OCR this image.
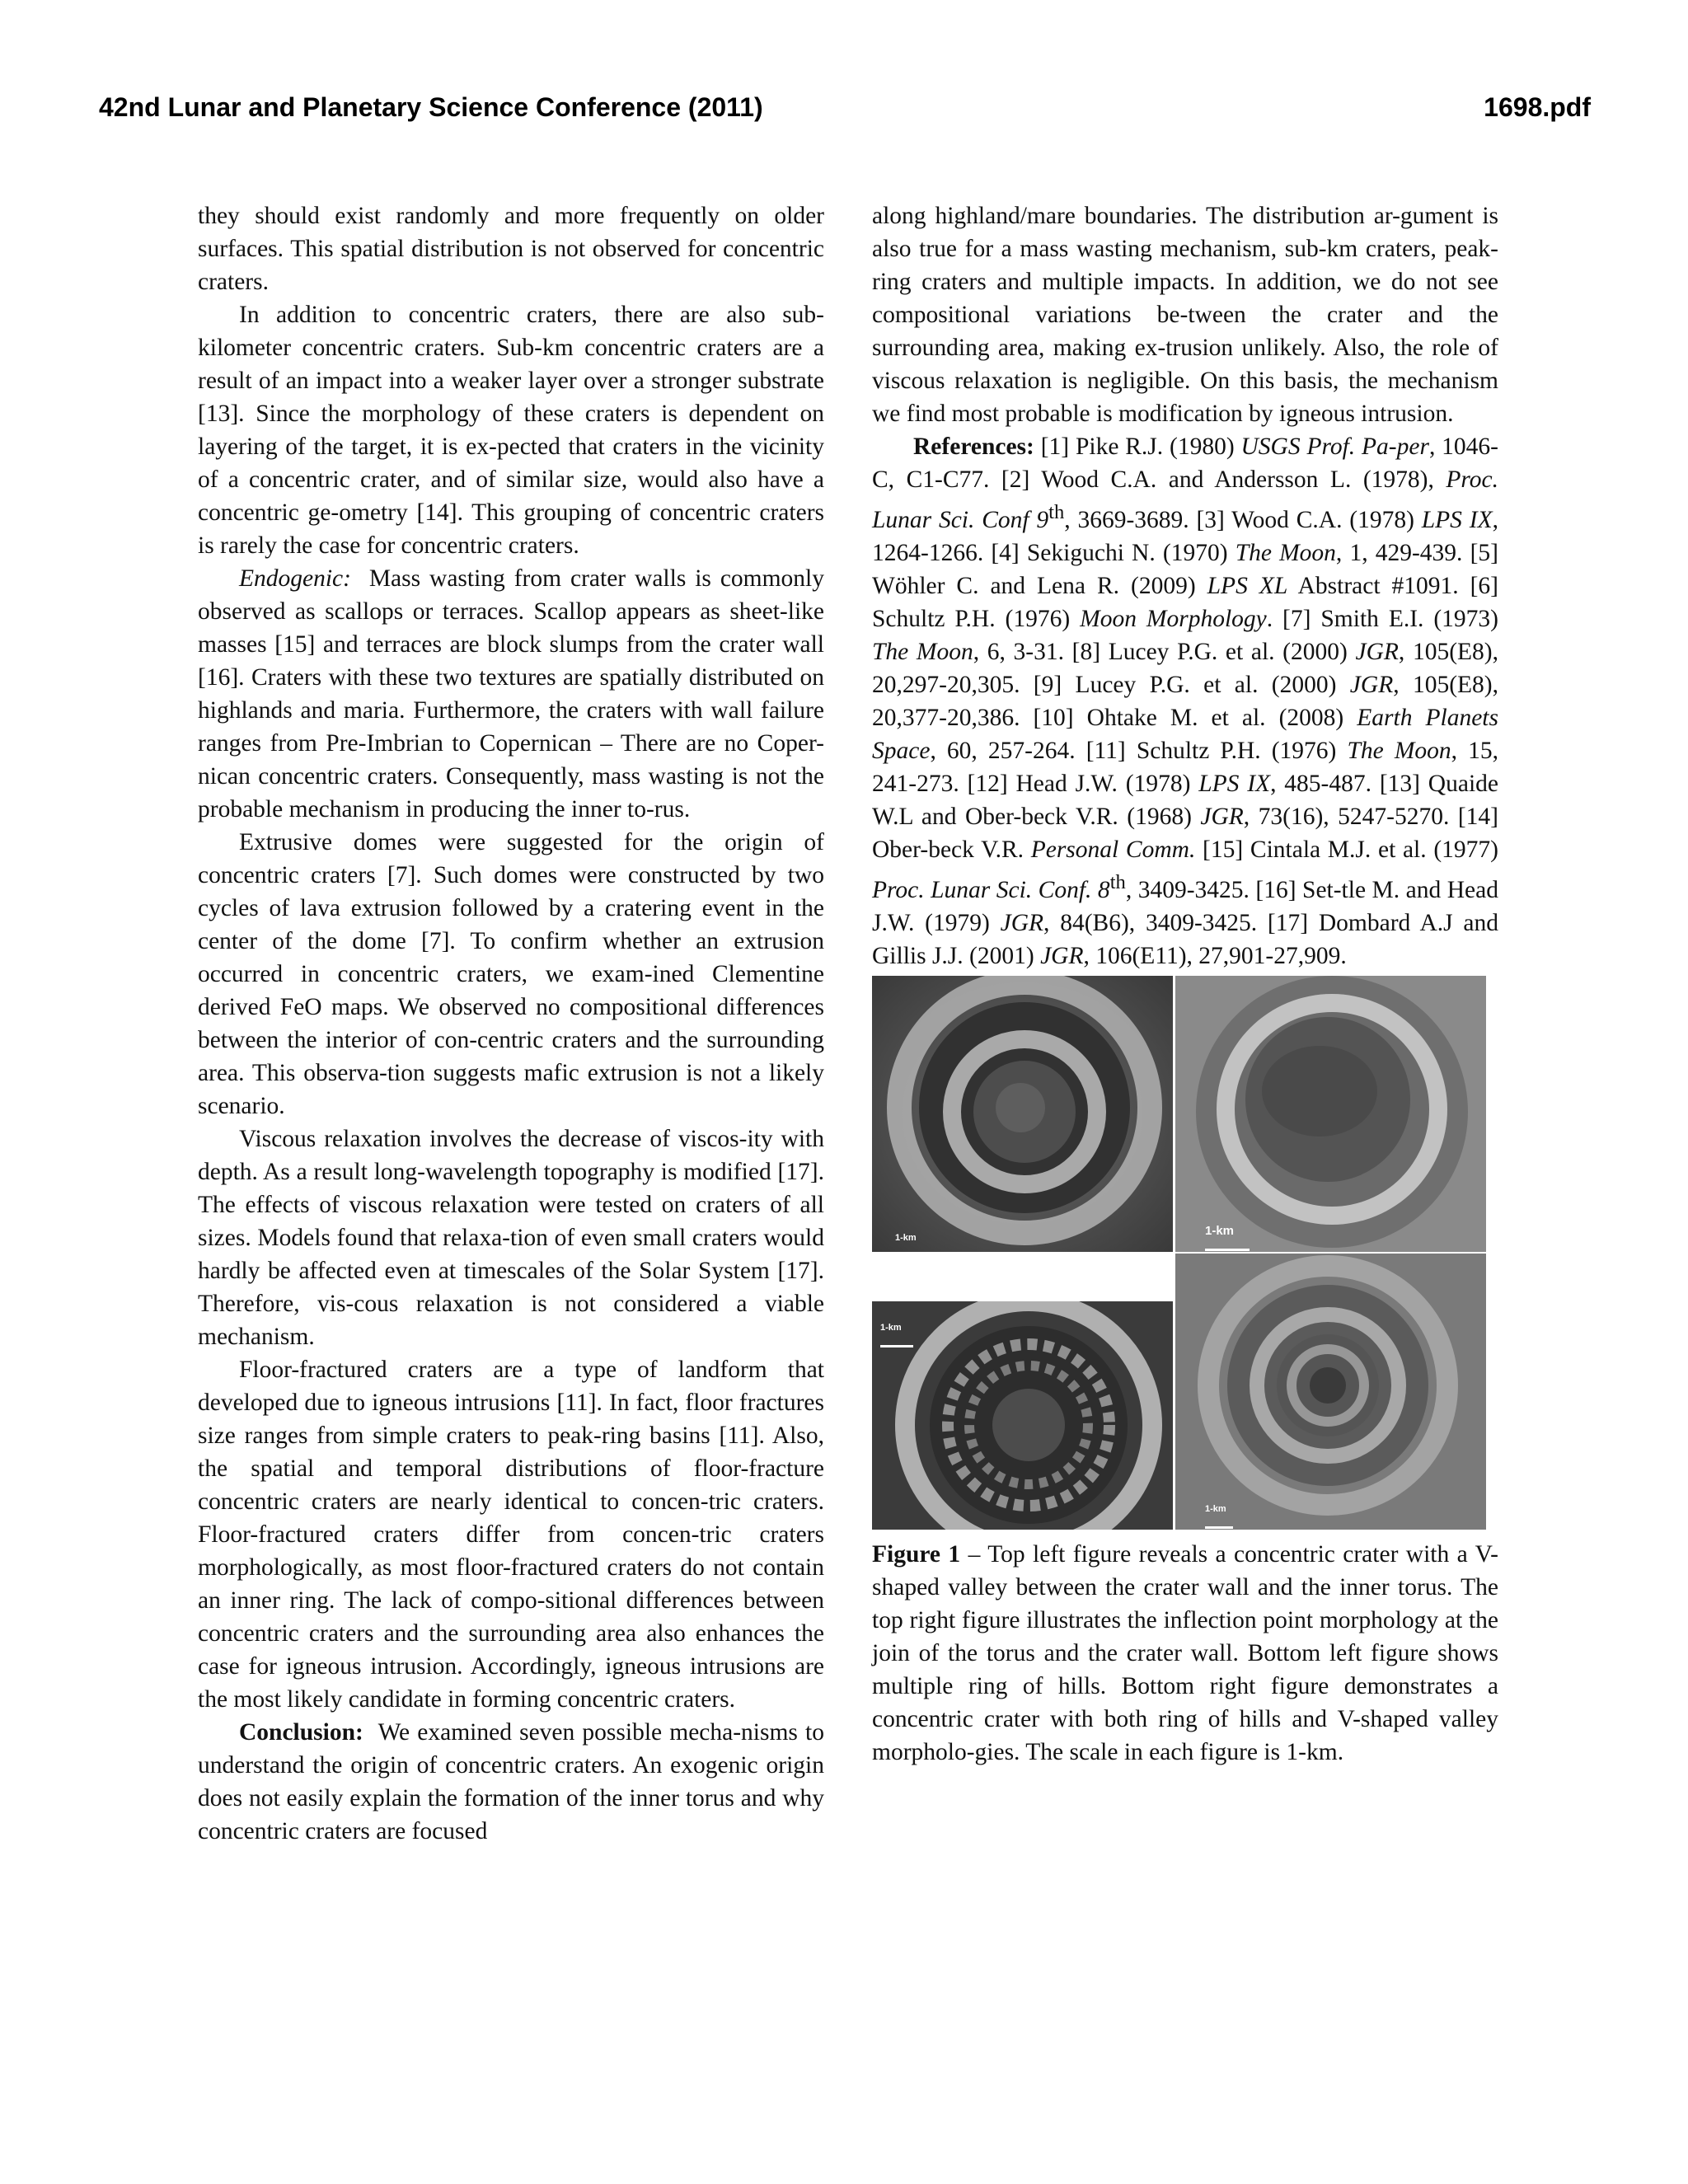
42nd Lunar and Planetary Science Conference (2011)	1698.pdf

they should exist randomly and more frequently on older surfaces. This spatial distribution is not observed for concentric craters.

In addition to concentric craters, there are also sub-kilometer concentric craters. Sub-km concentric craters are a result of an impact into a weaker layer over a stronger substrate [13]. Since the morphology of these craters is dependent on layering of the target, it is ex-pected that craters in the vicinity of a concentric crater, and of similar size, would also have a concentric ge-ometry [14]. This grouping of concentric craters is rarely the case for concentric craters.

Endogenic: Mass wasting from crater walls is commonly observed as scallops or terraces. Scallop appears as sheet-like masses [15] and terraces are block slumps from the crater wall [16]. Craters with these two textures are spatially distributed on highlands and maria. Furthermore, the craters with wall failure ranges from Pre-Imbrian to Copernican – There are no Coper-nican concentric craters. Consequently, mass wasting is not the probable mechanism in producing the inner to-rus.

Extrusive domes were suggested for the origin of concentric craters [7]. Such domes were constructed by two cycles of lava extrusion followed by a cratering event in the center of the dome [7]. To confirm whether an extrusion occurred in concentric craters, we exam-ined Clementine derived FeO maps. We observed no compositional differences between the interior of con-centric craters and the surrounding area. This observa-tion suggests mafic extrusion is not a likely scenario.

Viscous relaxation involves the decrease of viscos-ity with depth. As a result long-wavelength topography is modified [17]. The effects of viscous relaxation were tested on craters of all sizes. Models found that relaxa-tion of even small craters would hardly be affected even at timescales of the Solar System [17]. Therefore, vis-cous relaxation is not considered a viable mechanism.

Floor-fractured craters are a type of landform that developed due to igneous intrusions [11]. In fact, floor fractures size ranges from simple craters to peak-ring basins [11]. Also, the spatial and temporal distributions of floor-fracture concentric craters are nearly identical to concen-tric craters. Floor-fractured craters differ from concen-tric craters morphologically, as most floor-fractured craters do not contain an inner ring. The lack of compo-sitional differences between concentric craters and the surrounding area also enhances the case for igneous intrusion. Accordingly, igneous intrusions are the most likely candidate in forming concentric craters.

Conclusion: We examined seven possible mecha-nisms to understand the origin of concentric craters. An exogenic origin does not easily explain the formation of the inner torus and why concentric craters are focused

along highland/mare boundaries. The distribution ar-gument is also true for a mass wasting mechanism, sub-km craters, peak-ring craters and multiple impacts. In addition, we do not see compositional variations be-tween the crater and the surrounding area, making ex-trusion unlikely. Also, the role of viscous relaxation is negligible. On this basis, the mechanism we find most probable is modification by igneous intrusion.

References: [1] Pike R.J. (1980) USGS Prof. Pa-per, 1046-C, C1-C77. [2] Wood C.A. and Andersson L. (1978), Proc. Lunar Sci. Conf 9th, 3669-3689. [3] Wood C.A. (1978) LPS IX, 1264-1266. [4] Sekiguchi N. (1970) The Moon, 1, 429-439. [5] Wöhler C. and Lena R. (2009) LPS XL Abstract #1091. [6] Schultz P.H. (1976) Moon Morphology. [7] Smith E.I. (1973) The Moon, 6, 3-31. [8] Lucey P.G. et al. (2000) JGR, 105(E8), 20,297-20,305. [9] Lucey P.G. et al. (2000) JGR, 105(E8), 20,377-20,386. [10] Ohtake M. et al. (2008) Earth Planets Space, 60, 257-264. [11] Schultz P.H. (1976) The Moon, 15, 241-273. [12] Head J.W. (1978) LPS IX, 485-487. [13] Quaide W.L and Ober-beck V.R. (1968) JGR, 73(16), 5247-5270. [14] Ober-beck V.R. Personal Comm. [15] Cintala M.J. et al. (1977) Proc. Lunar Sci. Conf. 8th, 3409-3425. [16] Set-tle M. and Head J.W. (1979) JGR, 84(B6), 3409-3425. [17] Dombard A.J and Gillis J.J. (2001) JGR, 106(E11), 27,901-27,909.

1-km	1-km
1-km
1-km

Figure 1 – Top left figure reveals a concentric crater with a V-shaped valley between the crater wall and the inner torus. The top right figure illustrates the inflection point morphology at the join of the torus and the crater wall. Bottom left figure shows multiple ring of hills. Bottom right figure demonstrates a concentric crater with both ring of hills and V-shaped valley morpholo-gies. The scale in each figure is 1-km.
